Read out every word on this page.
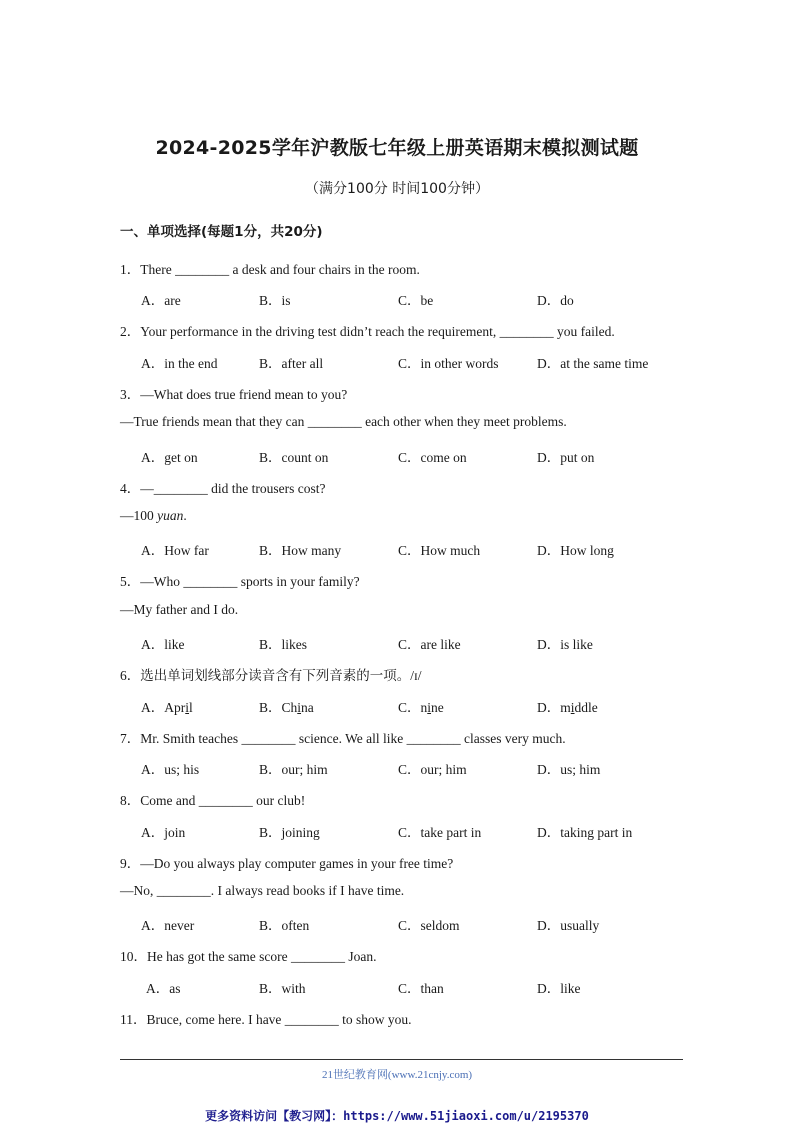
2024-2025学年沪教版七年级上册英语期末模拟测试题
（满分100分 时间100分钟）
一、单项选择(每题1分，共20分)
1．There ________ a desk and four chairs in the room.
A．are	B．is	C．be	D．do
2．Your performance in the driving test didn’t reach the requirement, ________ you failed.
A．in the end	B．after all	C．in other words	D．at the same time
3．—What does true friend mean to you?
—True friends mean that they can ________ each other when they meet problems.
A．get on	B．count on	C．come on	D．put on
4．—________ did the trousers cost?
—100 yuan.
A．How far	B．How many	C．How much	D．How long
5．—Who ________ sports in your family?
—My father and I do.
A．like	B．likes	C．are like	D．is like
6．选出单词划线部分读音含有下列音素的一项。/ɪ/
A．April	B．China	C．nine	D．middle
7．Mr. Smith teaches ________ science. We all like ________ classes very much.
A．us; his	B．our; him	C．our; him	D．us; him
8．Come and ________ our club!
A．join	B．joining	C．take part in	D．taking part in
9．—Do you always play computer games in your free time?
—No, ________. I always read books if I have time.
A．never	B．often	C．seldom	D．usually
10．He has got the same score ________ Joan.
A．as	B．with	C．than	D．like
11．Bruce, come here. I have ________ to show you.
21世纪教育网(www.21cnjy.com)
更多资料访问【教习网】：https://www.51jiaoxi.com/u/2195370
